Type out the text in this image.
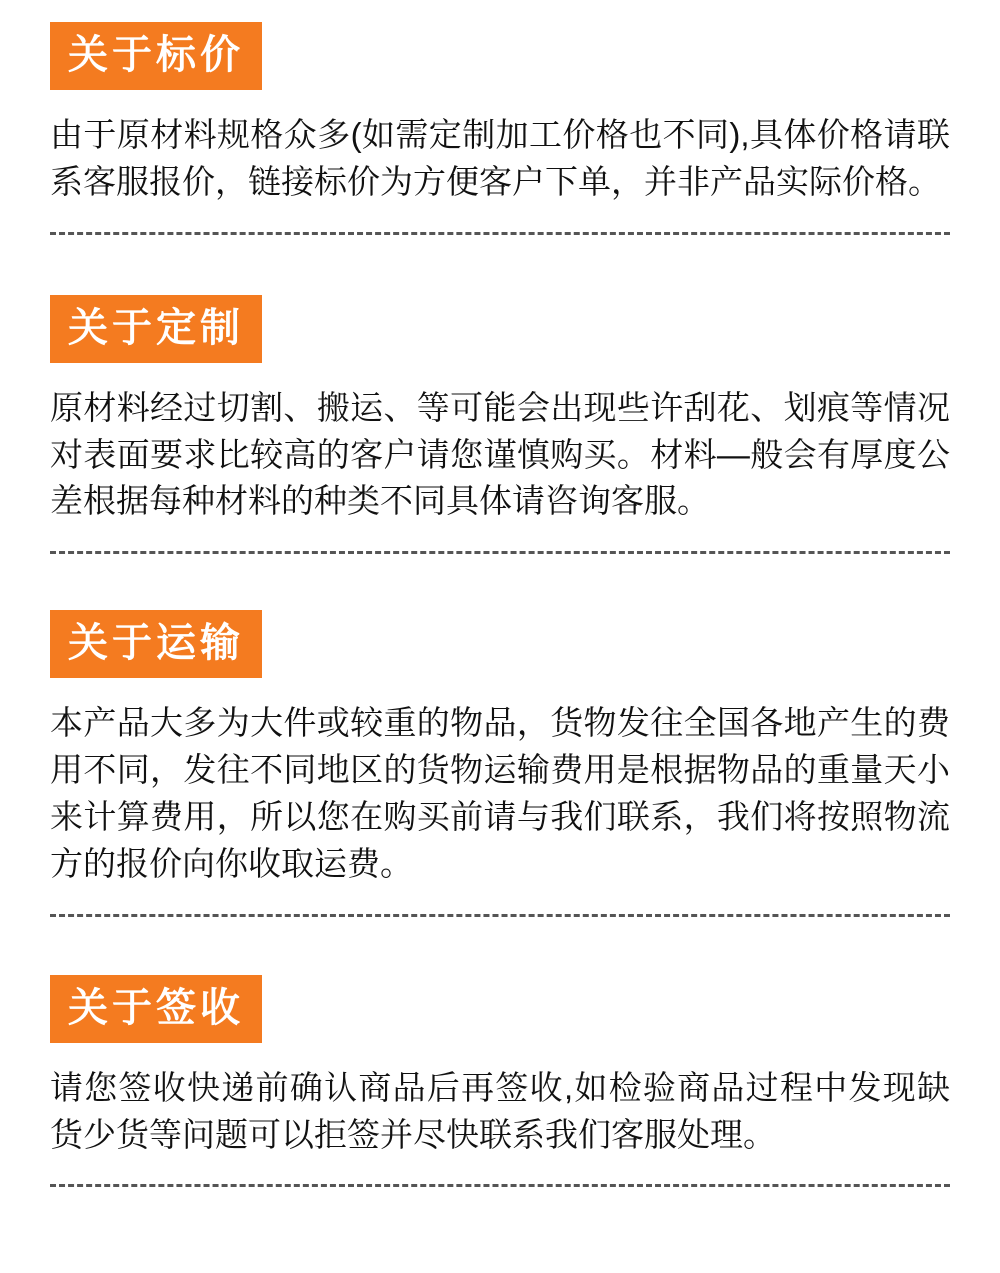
关于标价

由于原材料规格众多(如需定制加工价格也不同),具体价格请联系客服报价，链接标价为方便客户下单，并非产品实际价格。

关于定制

原材料经过切割、搬运、等可能会出现些许刮花、划痕等情况对表面要求比较高的客户请您谨慎购买。材料—般会有厚度公差根据每种材料的种类不同具体请咨询客服。

关于运输

本产品大多为大件或较重的物品，货物发往全国各地产生的费用不同，发往不同地区的货物运输费用是根据物品的重量天小来计算费用，所以您在购买前请与我们联系，我们将按照物流方的报价向你收取运费。

关于签收

请您签收快递前确认商品后再签收,如检验商品过程中发现缺货少货等问题可以拒签并尽快联系我们客服处理。
